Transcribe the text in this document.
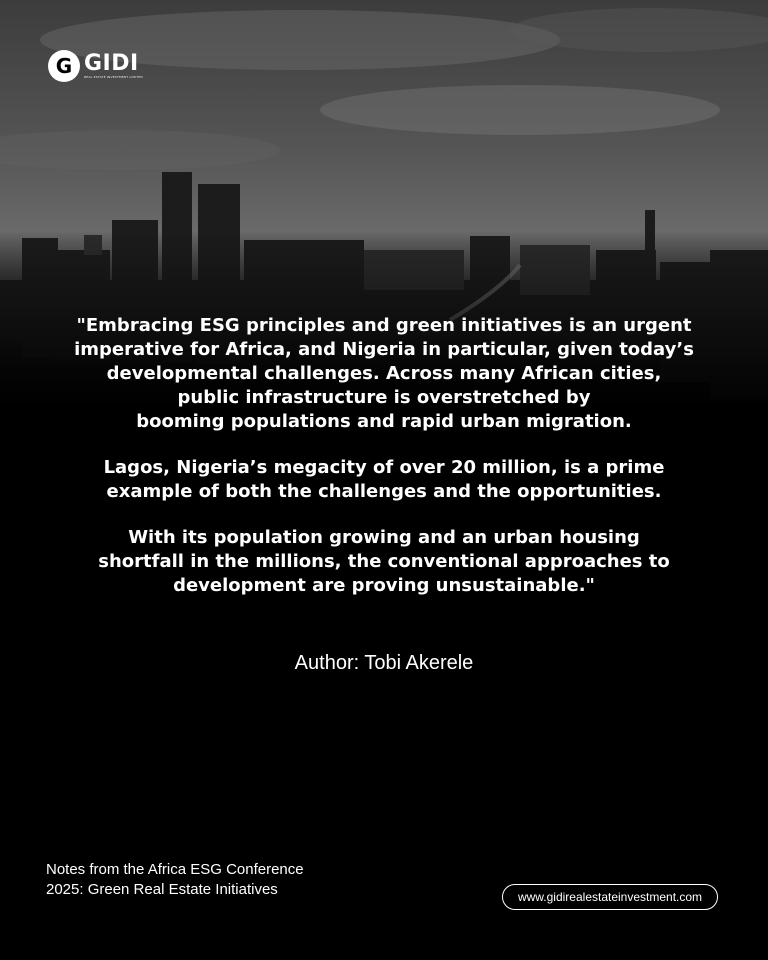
G GIDI
REAL ESTATE INVESTMENT LIMITED

"Embracing ESG principles and green initiatives is an urgent
imperative for Africa, and Nigeria in particular, given today’s
developmental challenges. Across many African cities,
public infrastructure is overstretched by
booming populations and rapid urban migration.

Lagos, Nigeria’s megacity of over 20 million, is a prime
example of both the challenges and the opportunities.

With its population growing and an urban housing
shortfall in the millions, the conventional approaches to
development are proving unsustainable."

Author: Tobi Akerele
Notes from the Africa ESG Conference
2025: Green Real Estate Initiatives	www.gidirealestateinvestment.com
